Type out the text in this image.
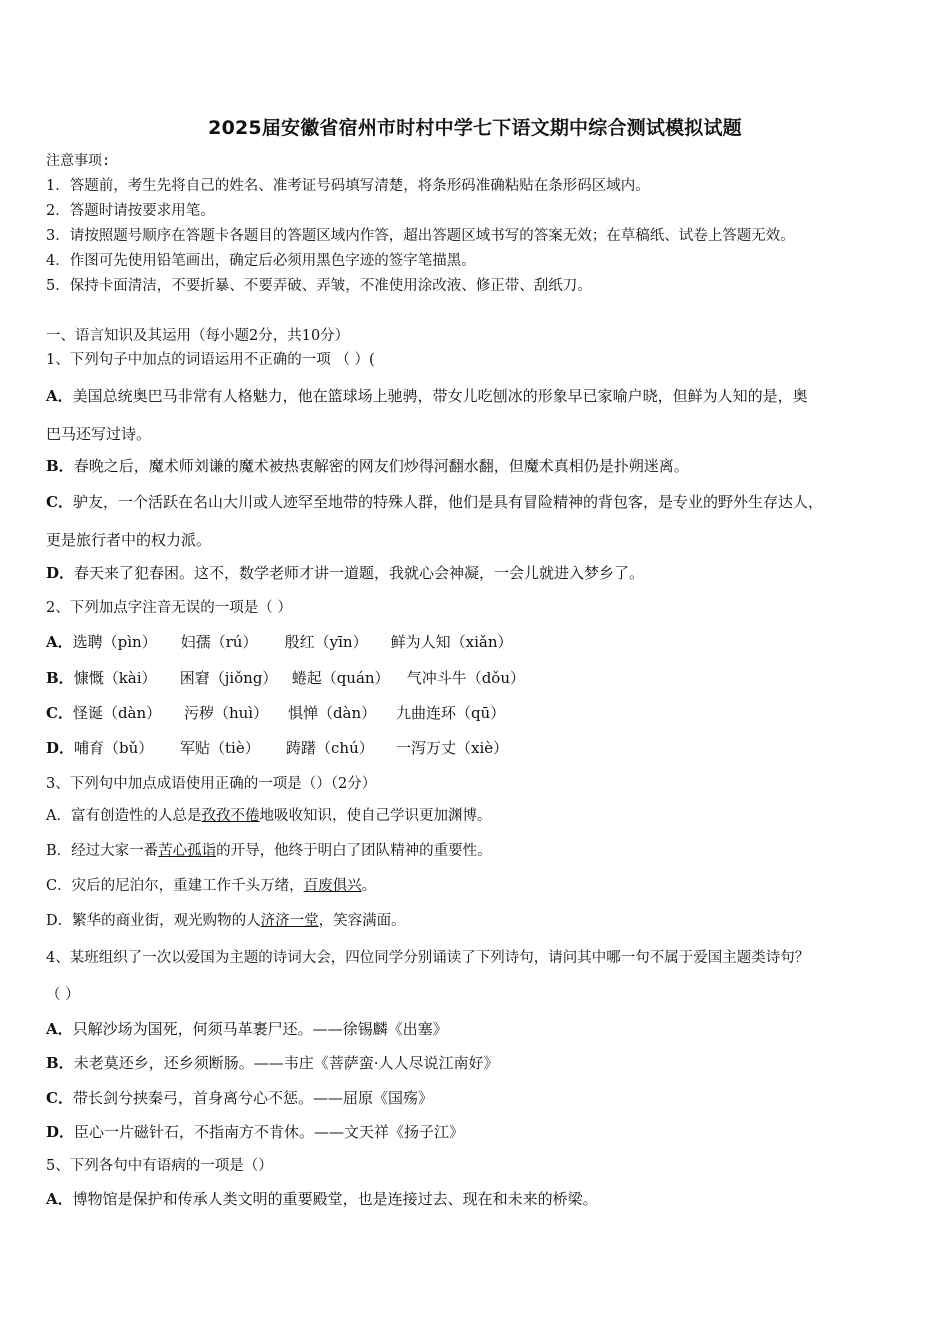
2025届安徽省宿州市时村中学七下语文期中综合测试模拟试题
注意事项:
1．答题前，考生先将自己的姓名、准考证号码填写清楚，将条形码准确粘贴在条形码区域内。
2．答题时请按要求用笔。
3．请按照题号顺序在答题卡各题目的答题区域内作答，超出答题区域书写的答案无效；在草稿纸、试卷上答题无效。
4．作图可先使用铅笔画出，确定后必须用黑色字迹的签字笔描黑。
5．保持卡面清洁，不要折暴、不要弄破、弄皱，不准使用涂改液、修正带、刮纸刀。
一、语言知识及其运用（每小题2分，共10分）
1、下列句子中加点的词语运用不正确的一项 （ ）(
A．美国总统奥巴马非常有人格魅力，他在篮球场上驰骋，带女儿吃刨冰的形象早已家喻户晓，但鲜为人知的是，奥
巴马还写过诗。
B．春晚之后，魔术师刘谦的魔术被热衷解密的网友们炒得河翻水翻，但魔术真相仍是扑朔迷离。
C．驴友，一个活跃在名山大川或人迹罕至地带的特殊人群，他们是具有冒险精神的背包客，是专业的野外生存达人，
更是旅行者中的权力派。
D．春天来了犯春困。这不，数学老师才讲一道题，我就心会神凝，一会儿就进入梦乡了。
2、下列加点字注音无误的一项是（ ）
A．选聘（pìn） 妇孺（rú） 殷红（yīn） 鲜为人知（xiǎn）
B．慷慨（kài） 困窘（jiǒng） 蜷起（quán） 气冲斗牛（dǒu）
C．怪诞（dàn） 污秽（huì） 惧惮（dàn） 九曲连环（qū）
D．哺育（bǔ） 军贴（tiè） 踌躇（chú） 一泻万丈（xiè）
3、下列句中加点成语使用正确的一项是（）（2分）
A．富有创造性的人总是孜孜不倦地吸收知识，使自己学识更加渊博。
B．经过大家一番苦心孤诣的开导，他终于明白了团队精神的重要性。
C．灾后的尼泊尔，重建工作千头万绪，百废俱兴。
D．繁华的商业街，观光购物的人济济一堂，笑容满面。
4、某班组织了一次以爱国为主题的诗词大会，四位同学分别诵读了下列诗句，请问其中哪一句不属于爱国主题类诗句？
（ ）
A．只解沙场为国死，何须马革裹尸还。——徐锡麟《出塞》
B．未老莫还乡，还乡须断肠。——韦庄《菩萨蛮·人人尽说江南好》
C．带长剑兮挟秦弓，首身离兮心不惩。——屈原《国殇》
D．臣心一片磁针石，不指南方不肯休。——文天祥《扬子江》
5、下列各句中有语病的一项是（）
A．博物馆是保护和传承人类文明的重要殿堂，也是连接过去、现在和未来的桥梁。
